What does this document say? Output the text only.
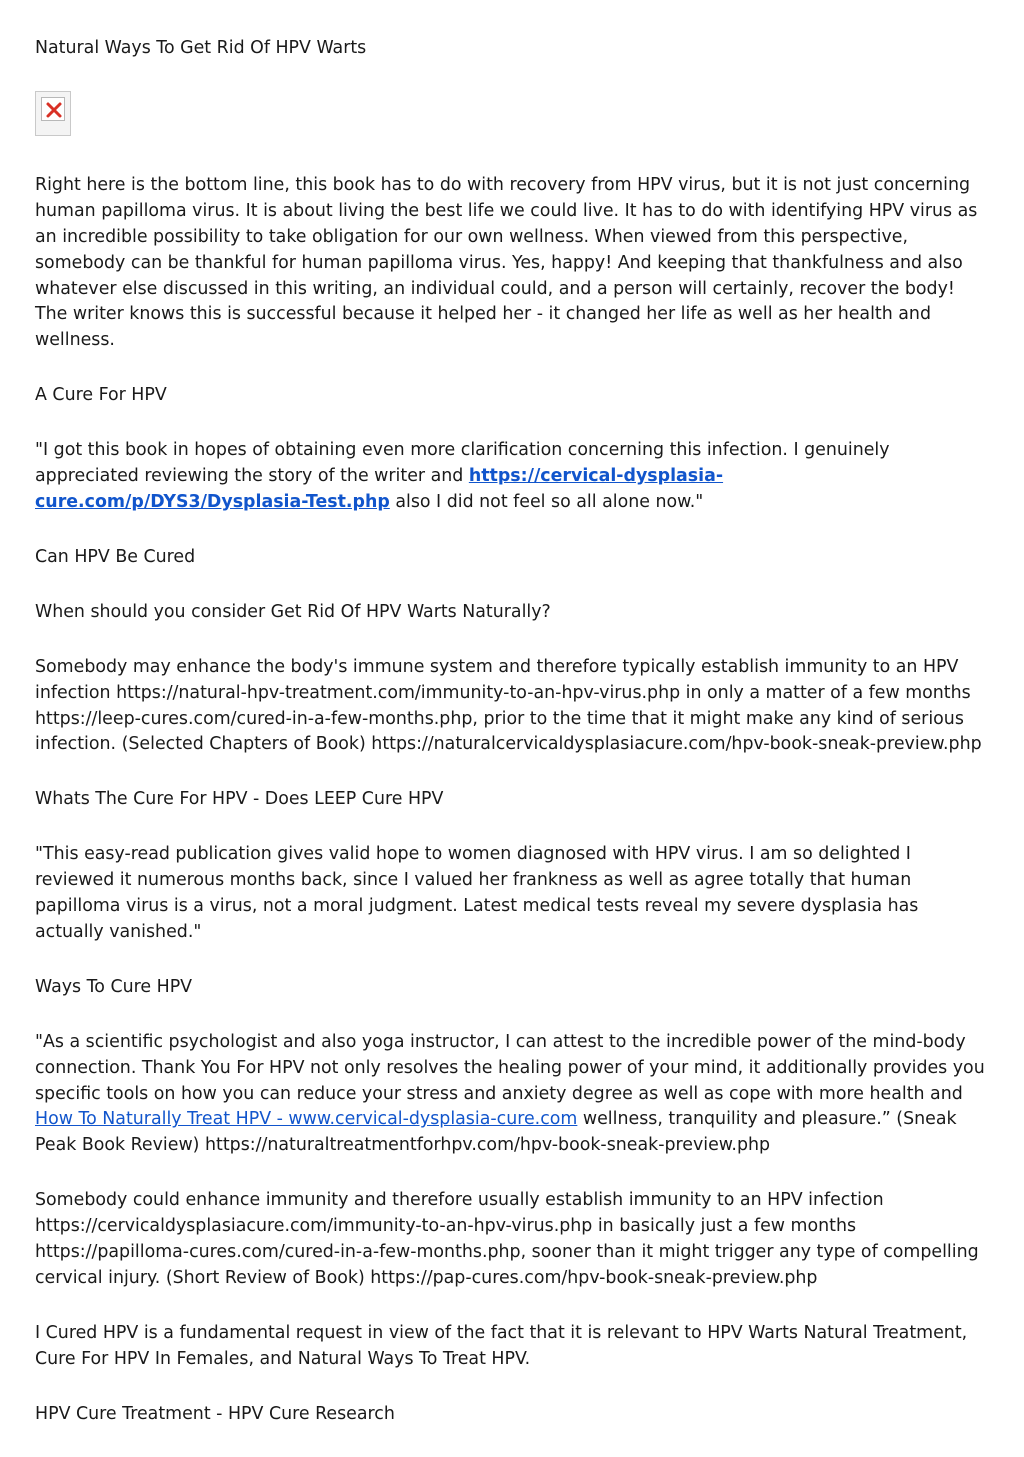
Natural Ways To Get Rid Of HPV Warts

Right here is the bottom line, this book has to do with recovery from HPV virus, but it is not just concerning human papilloma virus. It is about living the best life we could live. It has to do with identifying HPV virus as an incredible possibility to take obligation for our own wellness. When viewed from this perspective, somebody can be thankful for human papilloma virus. Yes, happy! And keeping that thankfulness and also whatever else discussed in this writing, an individual could, and a person will certainly, recover the body! The writer knows this is successful because it helped her - it changed her life as well as her health and wellness.

A Cure For HPV

"I got this book in hopes of obtaining even more clarification concerning this infection. I genuinely appreciated reviewing the story of the writer and https://cervical-dysplasia-cure.com/p/DYS3/Dysplasia-Test.php also I did not feel so all alone now."

Can HPV Be Cured

When should you consider Get Rid Of HPV Warts Naturally?

Somebody may enhance the body's immune system and therefore typically establish immunity to an HPV infection https://natural-hpv-treatment.com/immunity-to-an-hpv-virus.php in only a matter of a few months https://leep-cures.com/cured-in-a-few-months.php, prior to the time that it might make any kind of serious infection. (Selected Chapters of Book) https://naturalcervicaldysplasiacure.com/hpv-book-sneak-preview.php

Whats The Cure For HPV - Does LEEP Cure HPV

"This easy-read publication gives valid hope to women diagnosed with HPV virus. I am so delighted I reviewed it numerous months back, since I valued her frankness as well as agree totally that human papilloma virus is a virus, not a moral judgment. Latest medical tests reveal my severe dysplasia has actually vanished."

Ways To Cure HPV

"As a scientific psychologist and also yoga instructor, I can attest to the incredible power of the mind-body connection. Thank You For HPV not only resolves the healing power of your mind, it additionally provides you specific tools on how you can reduce your stress and anxiety degree as well as cope with more health and How To Naturally Treat HPV - www.cervical-dysplasia-cure.com wellness, tranquility and pleasure.” (Sneak Peak Book Review) https://naturaltreatmentforhpv.com/hpv-book-sneak-preview.php

Somebody could enhance immunity and therefore usually establish immunity to an HPV infection https://cervicaldysplasiacure.com/immunity-to-an-hpv-virus.php in basically just a few months https://papilloma-cures.com/cured-in-a-few-months.php, sooner than it might trigger any type of compelling cervical injury. (Short Review of Book) https://pap-cures.com/hpv-book-sneak-preview.php

I Cured HPV is a fundamental request in view of the fact that it is relevant to HPV Warts Natural Treatment, Cure For HPV In Females, and Natural Ways To Treat HPV.

HPV Cure Treatment - HPV Cure Research
